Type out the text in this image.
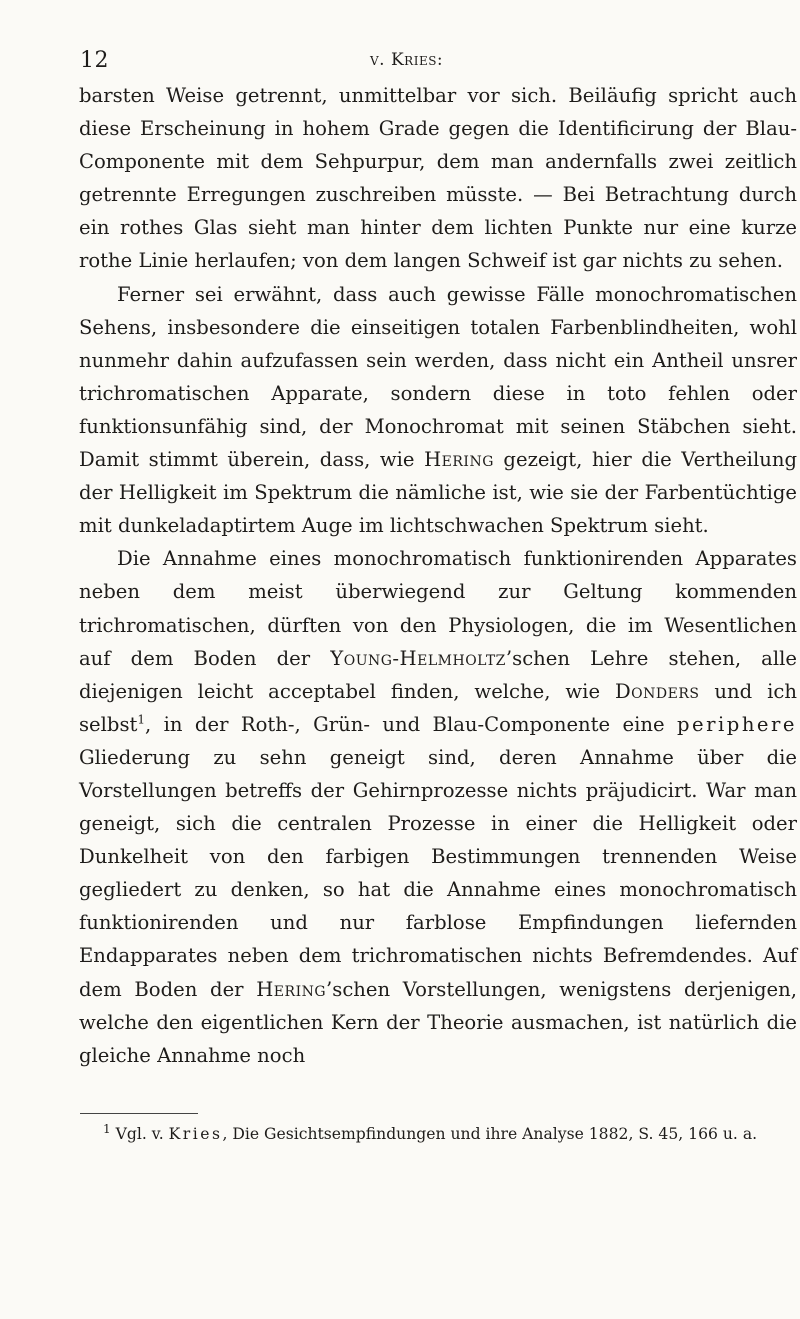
12	v. Kries:

barsten Weise getrennt, unmittelbar vor sich. Beiläufig spricht auch diese Erscheinung in hohem Grade gegen die Identificirung der Blau-Componente mit dem Sehpurpur, dem man andernfalls zwei zeitlich getrennte Erregungen zuschreiben müsste. — Bei Betrachtung durch ein rothes Glas sieht man hinter dem lichten Punkte nur eine kurze rothe Linie herlaufen; von dem langen Schweif ist gar nichts zu sehen.

Ferner sei erwähnt, dass auch gewisse Fälle monochromatischen Sehens, insbesondere die einseitigen totalen Farbenblindheiten, wohl nunmehr dahin aufzufassen sein werden, dass nicht ein Antheil unsrer trichromatischen Apparate, sondern diese in toto fehlen oder funktionsunfähig sind, der Monochromat mit seinen Stäbchen sieht. Damit stimmt überein, dass, wie Hering gezeigt, hier die Vertheilung der Helligkeit im Spektrum die nämliche ist, wie sie der Farbentüchtige mit dunkeladaptirtem Auge im lichtschwachen Spektrum sieht.

Die Annahme eines monochromatisch funktionirenden Apparates neben dem meist überwiegend zur Geltung kommenden trichromatischen, dürften von den Physiologen, die im Wesentlichen auf dem Boden der Young-Helmholtz’schen Lehre stehen, alle diejenigen leicht acceptabel finden, welche, wie Donders und ich selbst$^1$, in der Roth-, Grün- und Blau-Componente eine periphere Gliederung zu sehn geneigt sind, deren Annahme über die Vorstellungen betreffs der Gehirnprozesse nichts präjudicirt. War man geneigt, sich die centralen Prozesse in einer die Helligkeit oder Dunkelheit von den farbigen Bestimmungen trennenden Weise gegliedert zu denken, so hat die Annahme eines monochromatisch funktionirenden und nur farblose Empfindungen liefernden Endapparates neben dem trichromatischen nichts Befremdendes. Auf dem Boden der Hering’schen Vorstellungen, wenigstens derjenigen, welche den eigentlichen Kern der Theorie ausmachen, ist natürlich die gleiche Annahme noch

$^1$ Vgl. v. Kries, Die Gesichtsempfindungen und ihre Analyse 1882, S. 45, 166 u. a.
